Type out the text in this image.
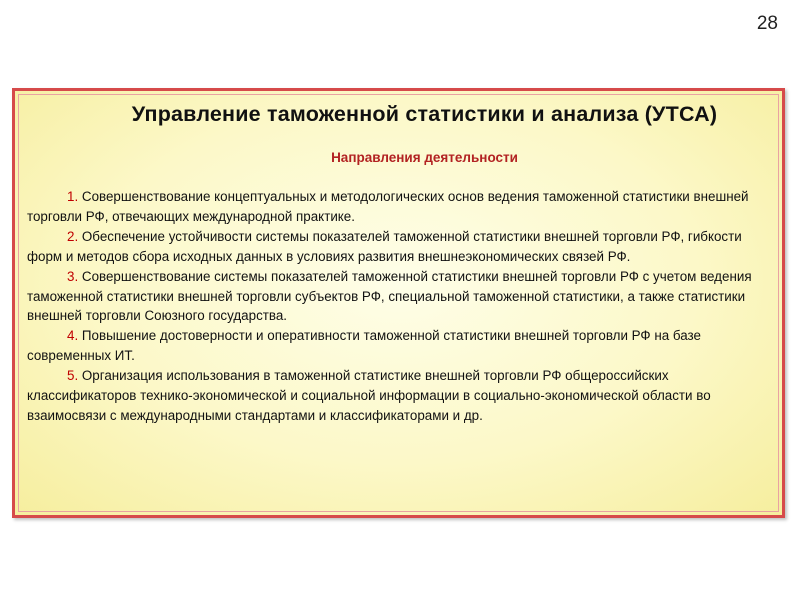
28
Управление таможенной статистики и анализа (УТСА)
Направления деятельности

1. Совершенствование концептуальных и методологических основ ведения таможенной статистики внешней торговли РФ, отвечающих международной практике.

2. Обеспечение устойчивости системы показателей таможенной статистики внешней торговли РФ, гибкости форм и методов сбора исходных данных в условиях развития внешнеэкономических связей РФ.

3. Совершенствование системы показателей таможенной статистики внешней торговли РФ с учетом ведения таможенной статистики внешней торговли субъектов РФ, специальной таможенной статистики, а также статистики внешней торговли Союзного государства.

4. Повышение достоверности и оперативности таможенной статистики внешней торговли РФ на базе современных ИТ.

5. Организация использования в таможенной статистике внешней торговли РФ общероссийских классификаторов технико-экономической и социальной информации в социально-экономической области во взаимосвязи с международными стандартами и классификаторами и др.
